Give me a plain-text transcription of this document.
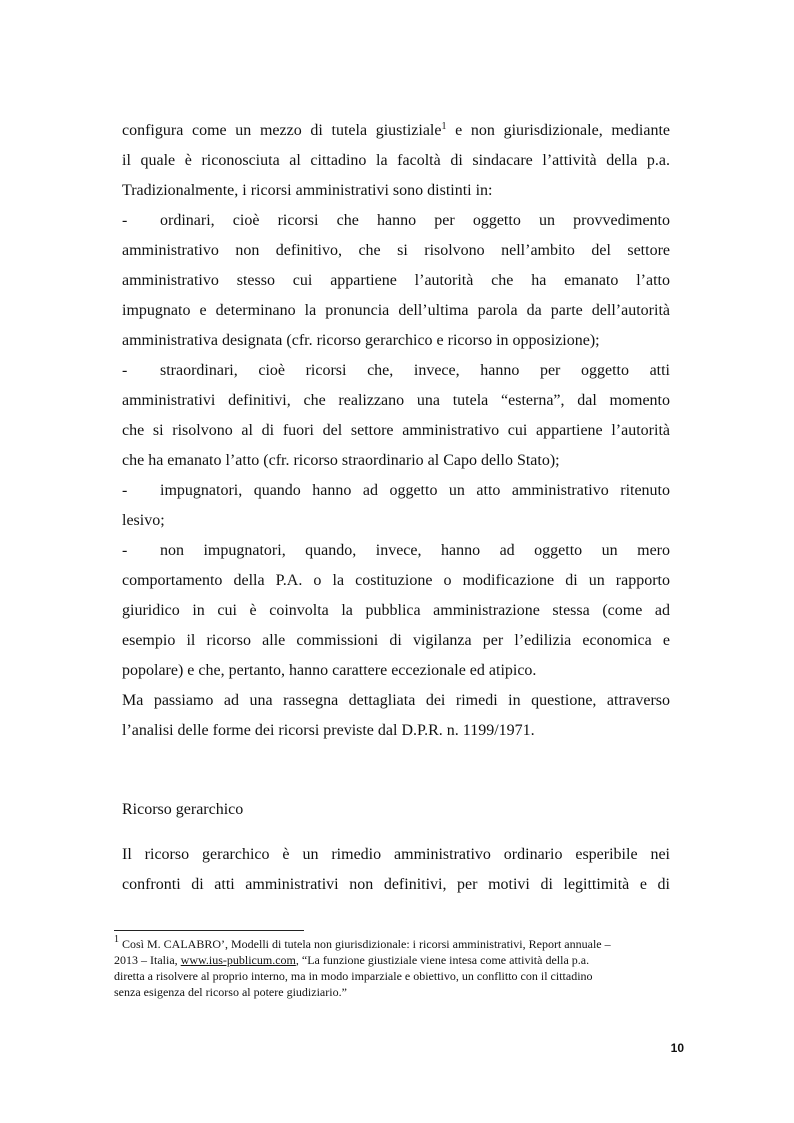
configura come un mezzo di tutela giustiziale$^1$ e non giurisdizionale, mediante
il quale è riconosciuta al cittadino la facoltà di sindacare l’attività della p.a.
Tradizionalmente, i ricorsi amministrativi sono distinti in:
- ordinari, cioè ricorsi che hanno per oggetto un provvedimento
amministrativo non definitivo, che si risolvono nell’ambito del settore
amministrativo stesso cui appartiene l’autorità che ha emanato l’atto
impugnato e determinano la pronuncia dell’ultima parola da parte dell’autorità
amministrativa designata (cfr. ricorso gerarchico e ricorso in opposizione);
- straordinari, cioè ricorsi che, invece, hanno per oggetto atti
amministrativi definitivi, che realizzano una tutela “esterna”, dal momento
che si risolvono al di fuori del settore amministrativo cui appartiene l’autorità
che ha emanato l’atto (cfr. ricorso straordinario al Capo dello Stato);
- impugnatori, quando hanno ad oggetto un atto amministrativo ritenuto
lesivo;
- non impugnatori, quando, invece, hanno ad oggetto un mero
comportamento della P.A. o la costituzione o modificazione di un rapporto
giuridico in cui è coinvolta la pubblica amministrazione stessa (come ad
esempio il ricorso alle commissioni di vigilanza per l’edilizia economica e
popolare) e che, pertanto, hanno carattere eccezionale ed atipico.
Ma passiamo ad una rassegna dettagliata dei rimedi in questione, attraverso
l’analisi delle forme dei ricorsi previste dal D.P.R. n. 1199/1971.
Ricorso gerarchico
Il ricorso gerarchico è un rimedio amministrativo ordinario esperibile nei
confronti di atti amministrativi non definitivi, per motivi di legittimità e di
$^1$ Così M. CALABRO’, Modelli di tutela non giurisdizionale: i ricorsi amministrativi, Report annuale –
2013 – Italia, www.ius-publicum.com, “La funzione giustiziale viene intesa come attività della p.a.
diretta a risolvere al proprio interno, ma in modo imparziale e obiettivo, un conflitto con il cittadino
senza esigenza del ricorso al potere giudiziario.”
10
